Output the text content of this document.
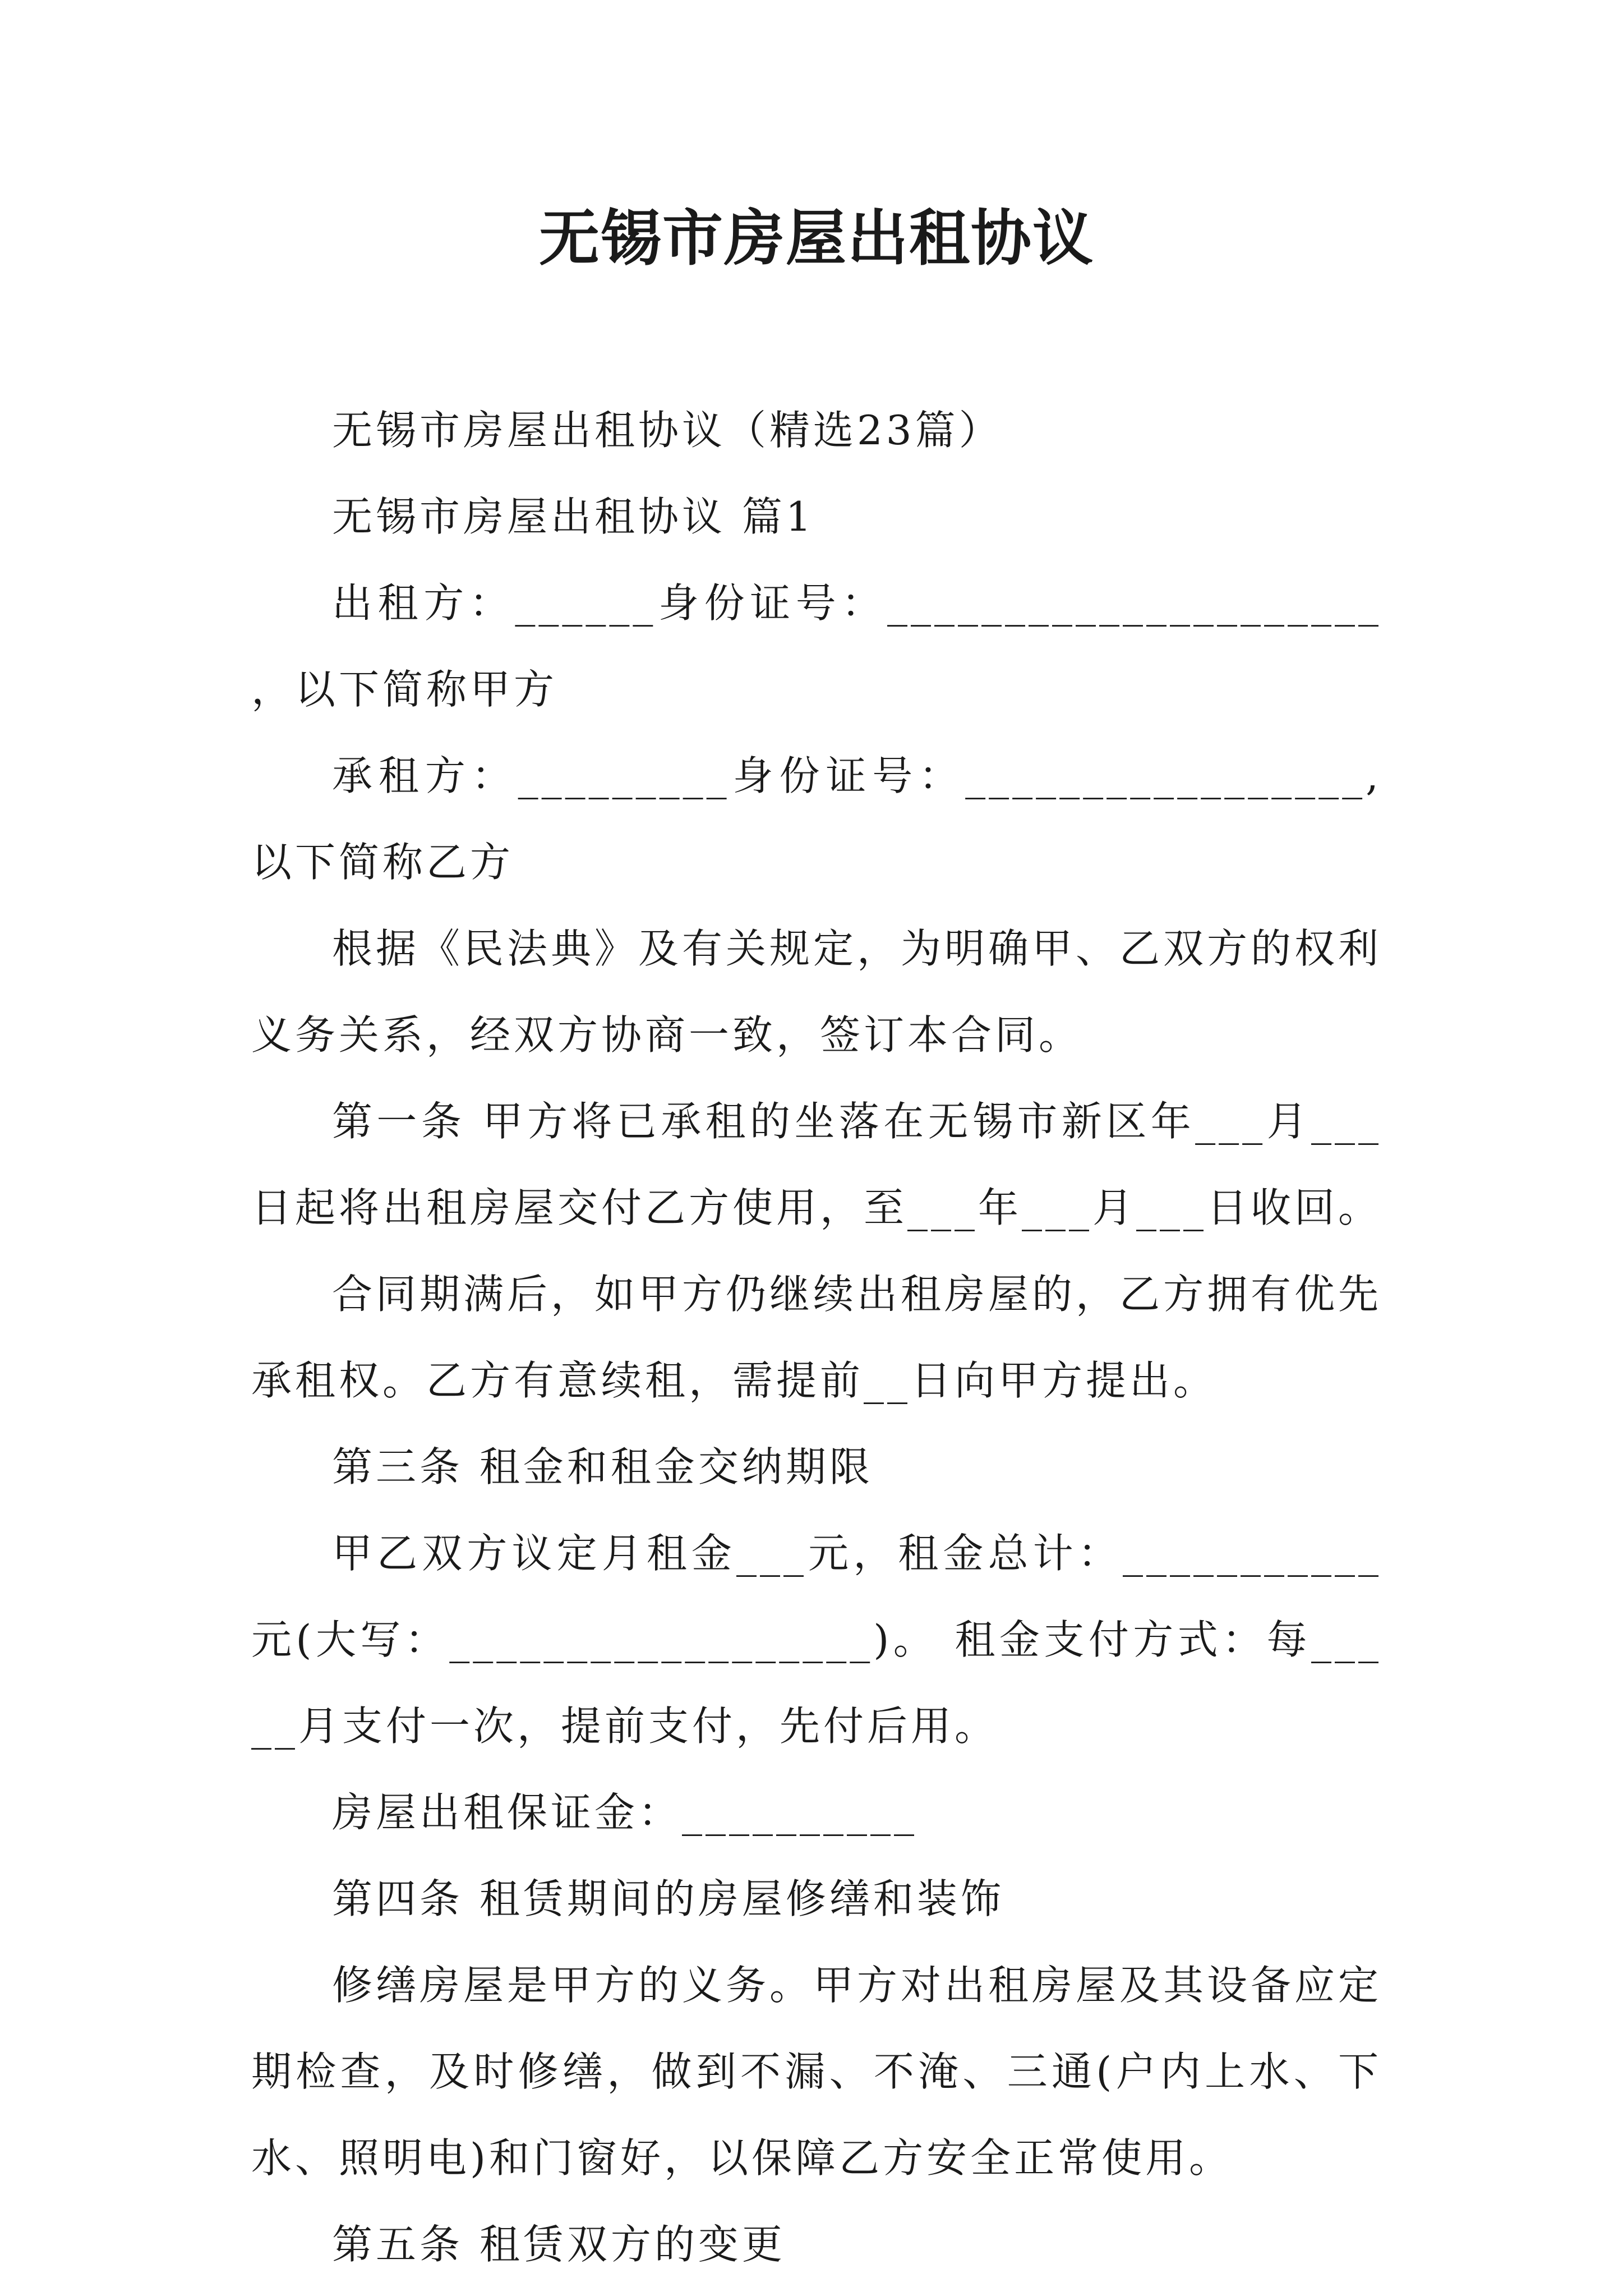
无锡市房屋出租协议

无锡市房屋出租协议（精选23篇）

无锡市房屋出租协议 篇1

出租方：______身份证号：_____________________ ，以下简称甲方

承租方：_________身份证号：_________________,以下简称乙方

根据《民法典》及有关规定，为明确甲、乙双方的权利义务关系，经双方协商一致，签订本合同。

第一条 甲方将已承租的坐落在无锡市新区年___月___日起将出租房屋交付乙方使用，至___年___月___日收回。

合同期满后，如甲方仍继续出租房屋的，乙方拥有优先承租权。乙方有意续租，需提前__日向甲方提出。

第三条 租金和租金交纳期限

甲乙双方议定月租金___元，租金总计：___________元(大写：__________________)。 租金支付方式：每_____月支付一次，提前支付，先付后用。

房屋出租保证金：__________

第四条 租赁期间的房屋修缮和装饰

修缮房屋是甲方的义务。甲方对出租房屋及其设备应定期检查，及时修缮，做到不漏、不淹、三通(户内上水、下水、照明电)和门窗好，以保障乙方安全正常使用。

第五条 租赁双方的变更
